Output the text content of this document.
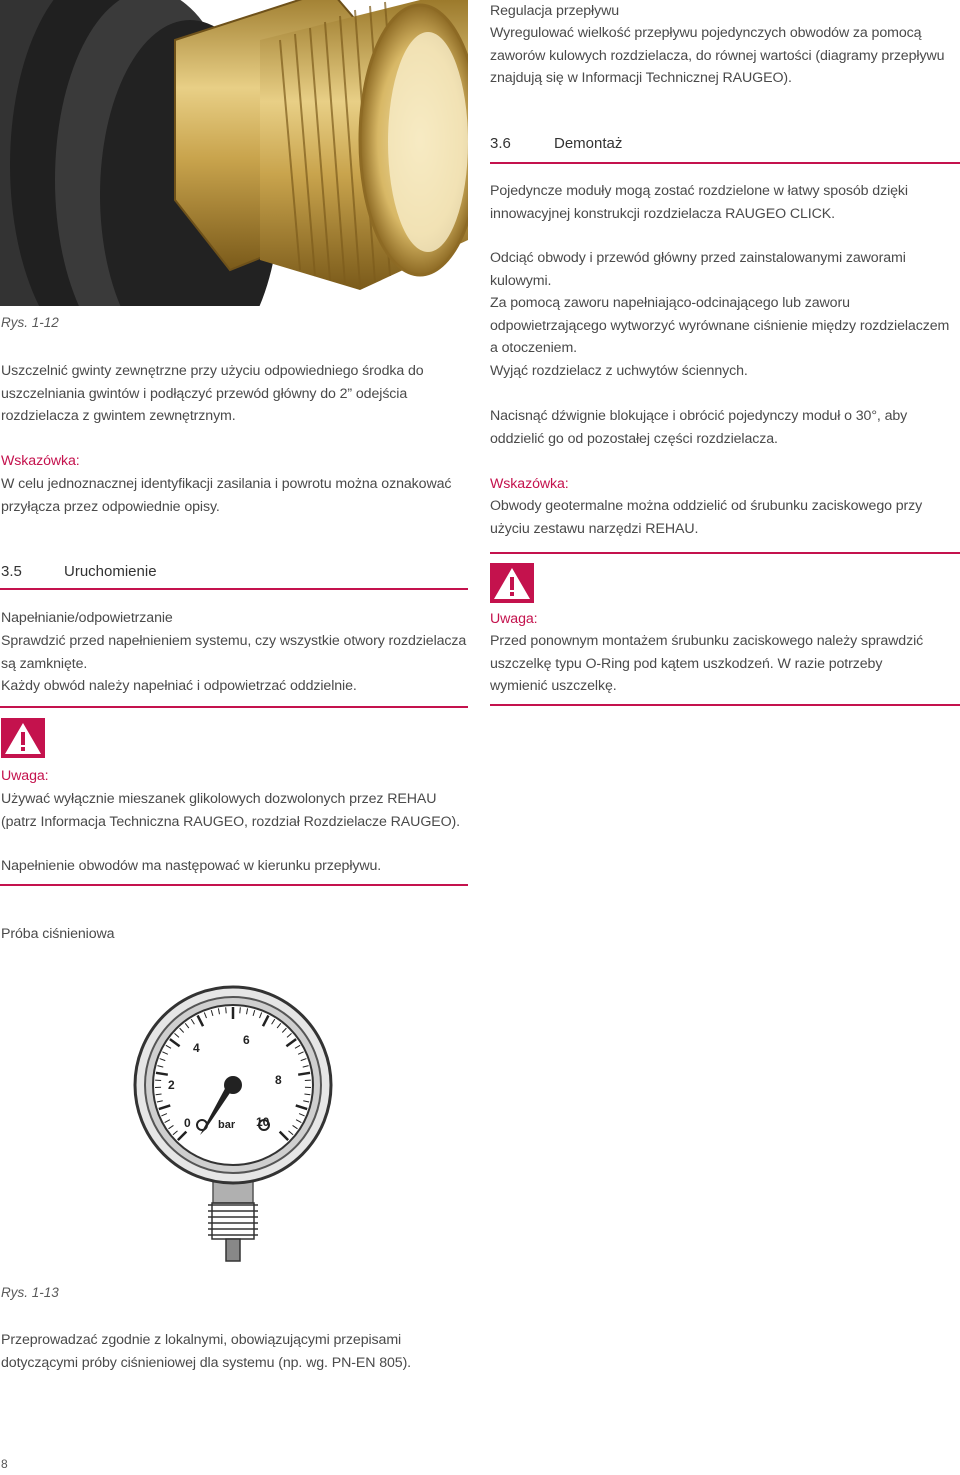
Rys. 1-12

Uszczelnić gwinty zewnętrzne przy użyciu odpowiedniego środka do uszczelniania gwintów i podłączyć przewód główny do 2” odejścia rozdzielacza z gwintem zewnętrznym.

Wskazówka:

W celu jednoznacznej identyfikacji zasilania i powrotu można oznakować przyłącza przez odpowiednie opisy.

3.5	Uruchomienie
Napełnianie/odpowietrzanie

Sprawdzić przed napełnieniem systemu, czy wszystkie otwory rozdzielacza są zamknięte.

Każdy obwód należy napełniać i odpowietrzać oddzielnie.

Uwaga:

Używać wyłącznie mieszanek glikolowych dozwolonych przez REHAU (patrz Informacja Techniczna RAUGEO, rozdział Rozdzielacze RAUGEO).

Napełnienie obwodów ma następować w kierunku przepływu.

Próba ciśnieniowa
0
2
4
6
8
10
bar
Rys. 1-13

Przeprowadzać zgodnie z lokalnymi, obowiązującymi przepisami dotyczącymi próby ciśnieniowej dla systemu (np. wg. PN-EN 805).

8
Regulacja przepływu

Wyregulować wielkość przepływu pojedynczych obwodów za pomocą zaworów kulowych rozdzielacza, do równej wartości (diagramy przepływu znajdują się w Informacji Technicznej RAUGEO).

3.6	Demontaż

Pojedyncze moduły mogą zostać rozdzielone w łatwy sposób dzięki innowacyjnej konstrukcji rozdzielacza RAUGEO CLICK.

Odciąć obwody i przewód główny przed zainstalowanymi zaworami kulowymi.

Za pomocą zaworu napełniająco-odcinającego lub zaworu odpowietrzającego wytworzyć wyrównane ciśnienie między rozdzielaczem a otoczeniem.

Wyjąć rozdzielacz z uchwytów ściennych.

Nacisnąć dźwignie blokujące i obrócić pojedynczy moduł o 30°, aby oddzielić go od pozostałej części rozdzielacza.

Wskazówka:

Obwody geotermalne można oddzielić od śrubunku zaciskowego przy użyciu zestawu narzędzi REHAU.

Uwaga:

Przed ponownym montażem śrubunku zaciskowego należy sprawdzić uszczelkę typu O-Ring pod kątem uszkodzeń. W razie potrzeby wymienić uszczelkę.
